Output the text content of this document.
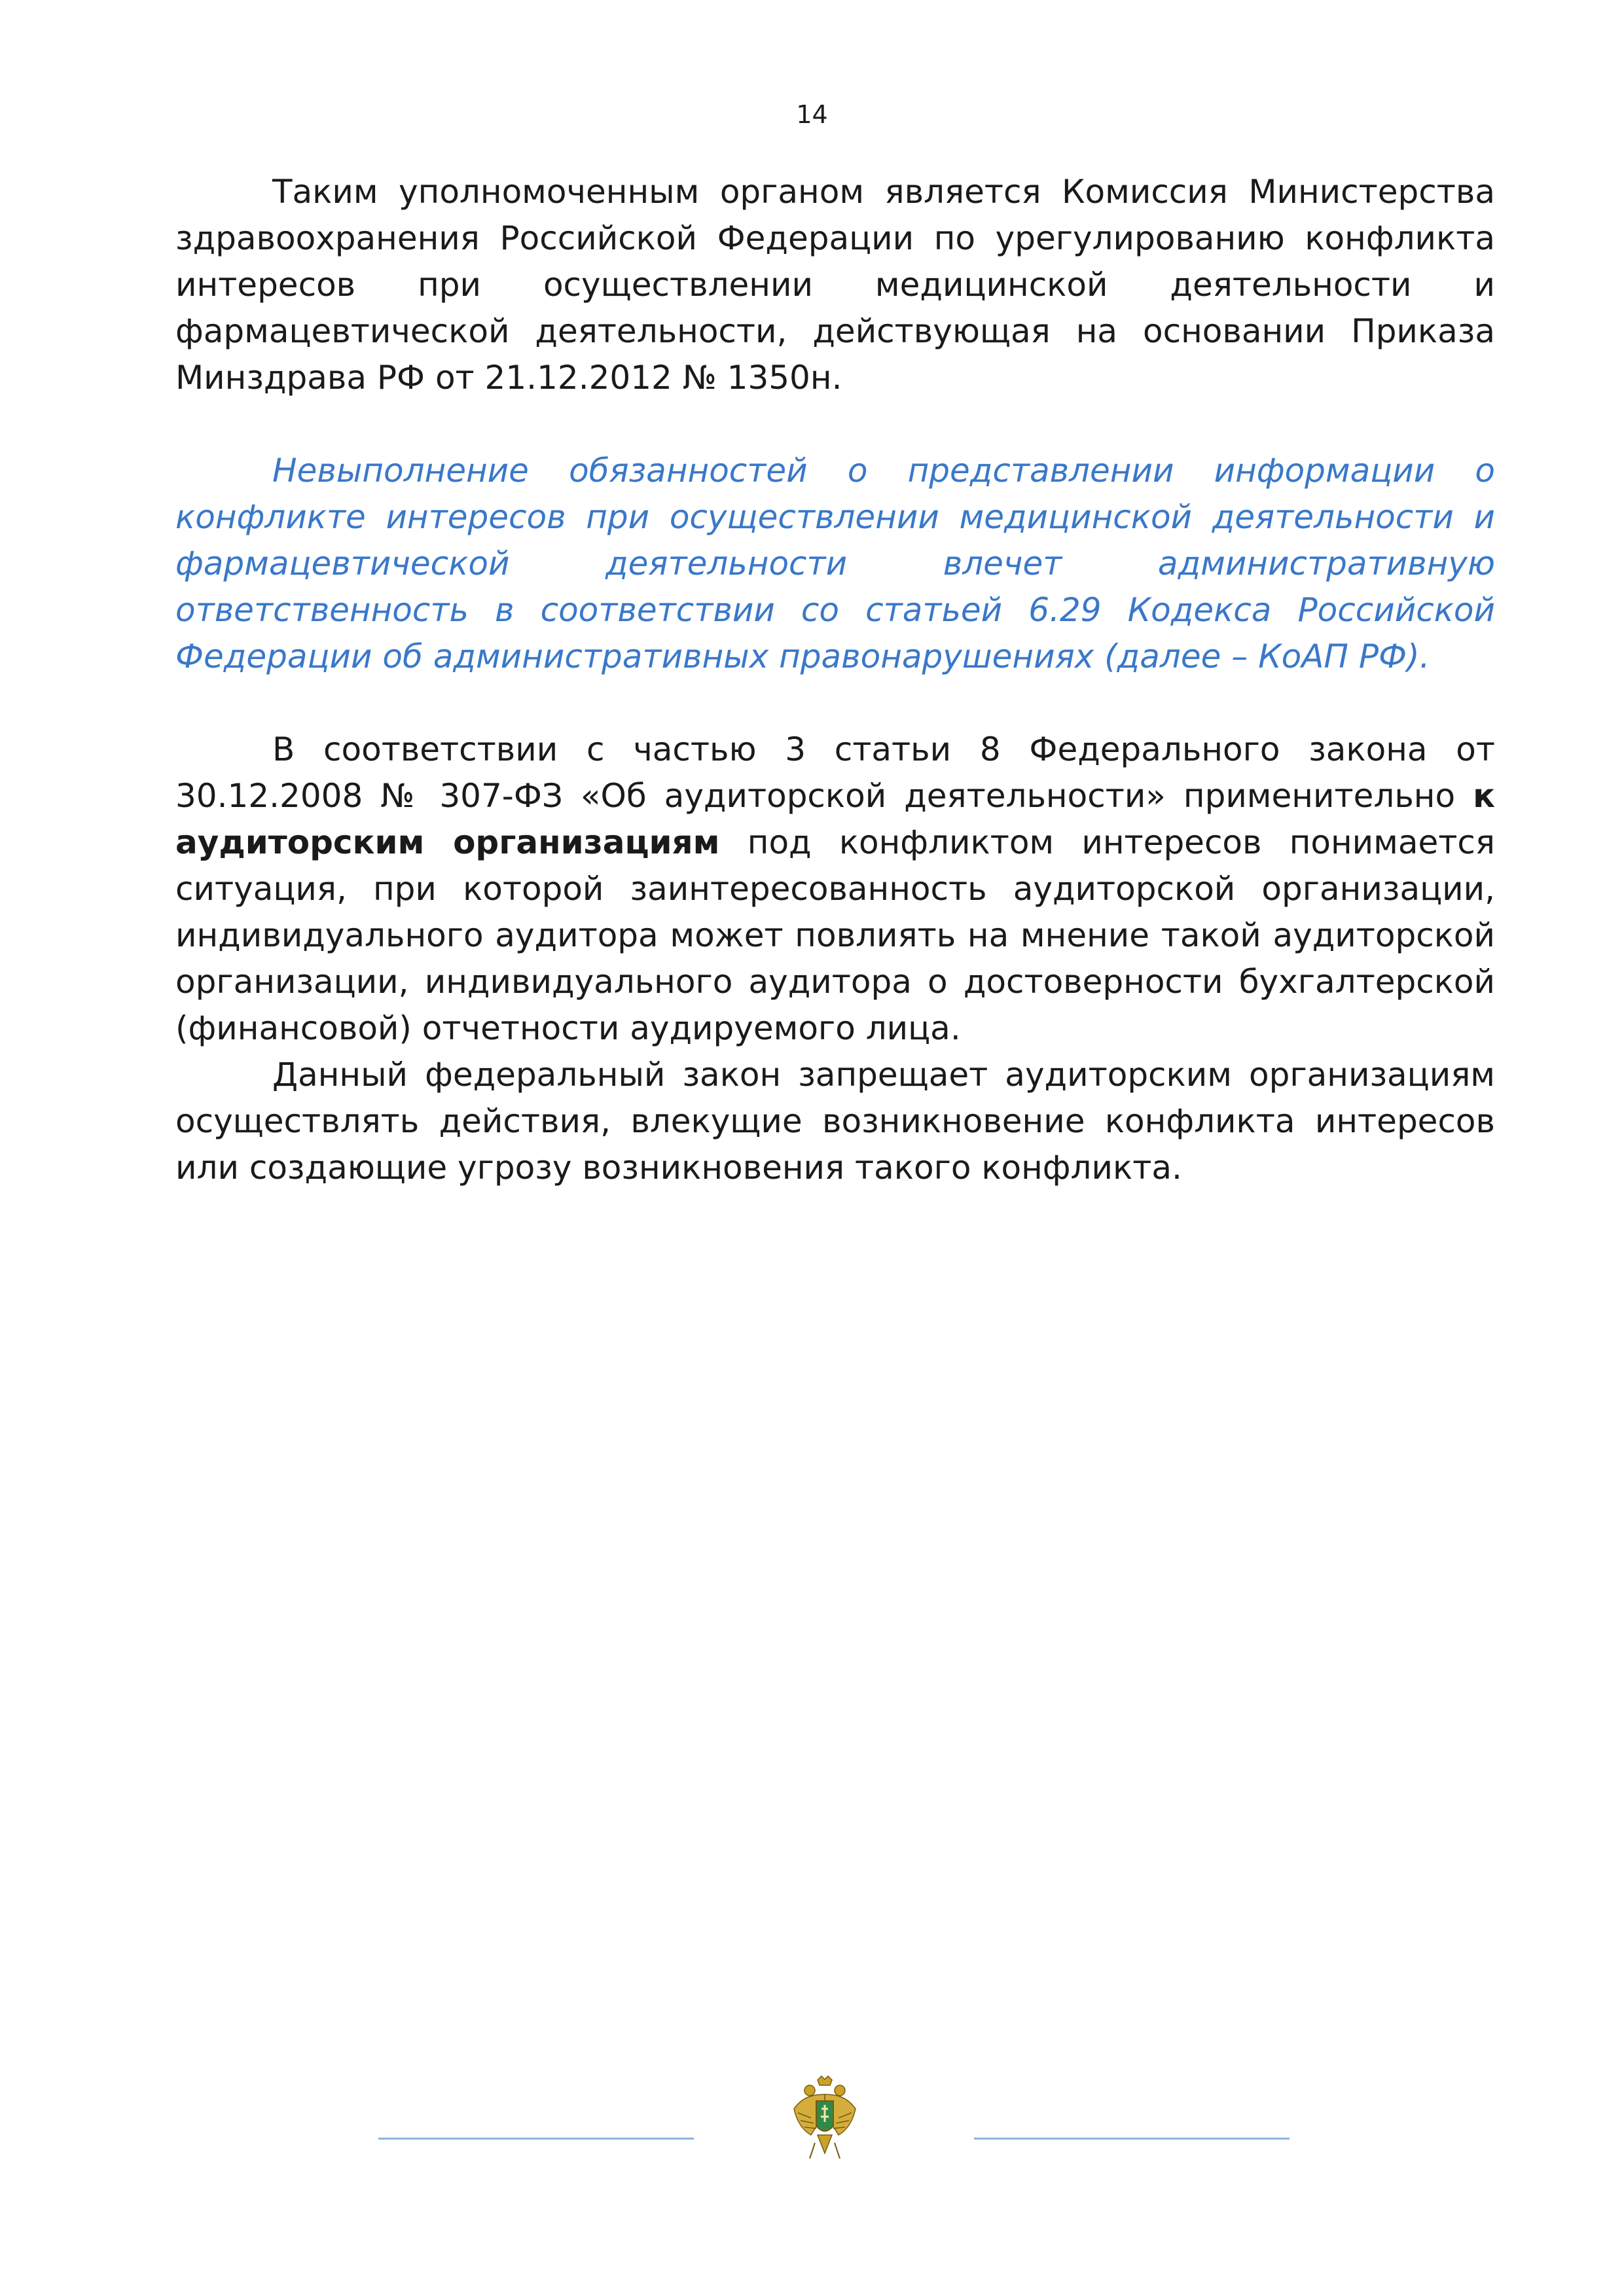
14

Таким уполномоченным органом является Комиссия Министерства здравоохранения Российской Федерации по урегулированию конфликта интересов при осуществлении медицинской деятельности и фармацевтической деятельности, действующая на основании Приказа Минздрава РФ от 21.12.2012 № 1350н.

Невыполнение обязанностей о представлении информации о конфликте интересов при осуществлении медицинской деятельности и фармацевтической деятельности влечет административную ответственность в соответствии со статьей 6.29 Кодекса Российской Федерации об административных правонарушениях (далее – КоАП РФ).

В соответствии с частью 3 статьи 8 Федерального закона от 30.12.2008 № 307-ФЗ «Об аудиторской деятельности» применительно к аудиторским организациям под конфликтом интересов понимается ситуация, при которой заинтересованность аудиторской организации, индивидуального аудитора может повлиять на мнение такой аудиторской организации, индивидуального аудитора о достоверности бухгалтерской (финансовой) отчетности аудируемого лица.

Данный федеральный закон запрещает аудиторским организациям осуществлять действия, влекущие возникновение конфликта интересов или создающие угрозу возникновения такого конфликта.
